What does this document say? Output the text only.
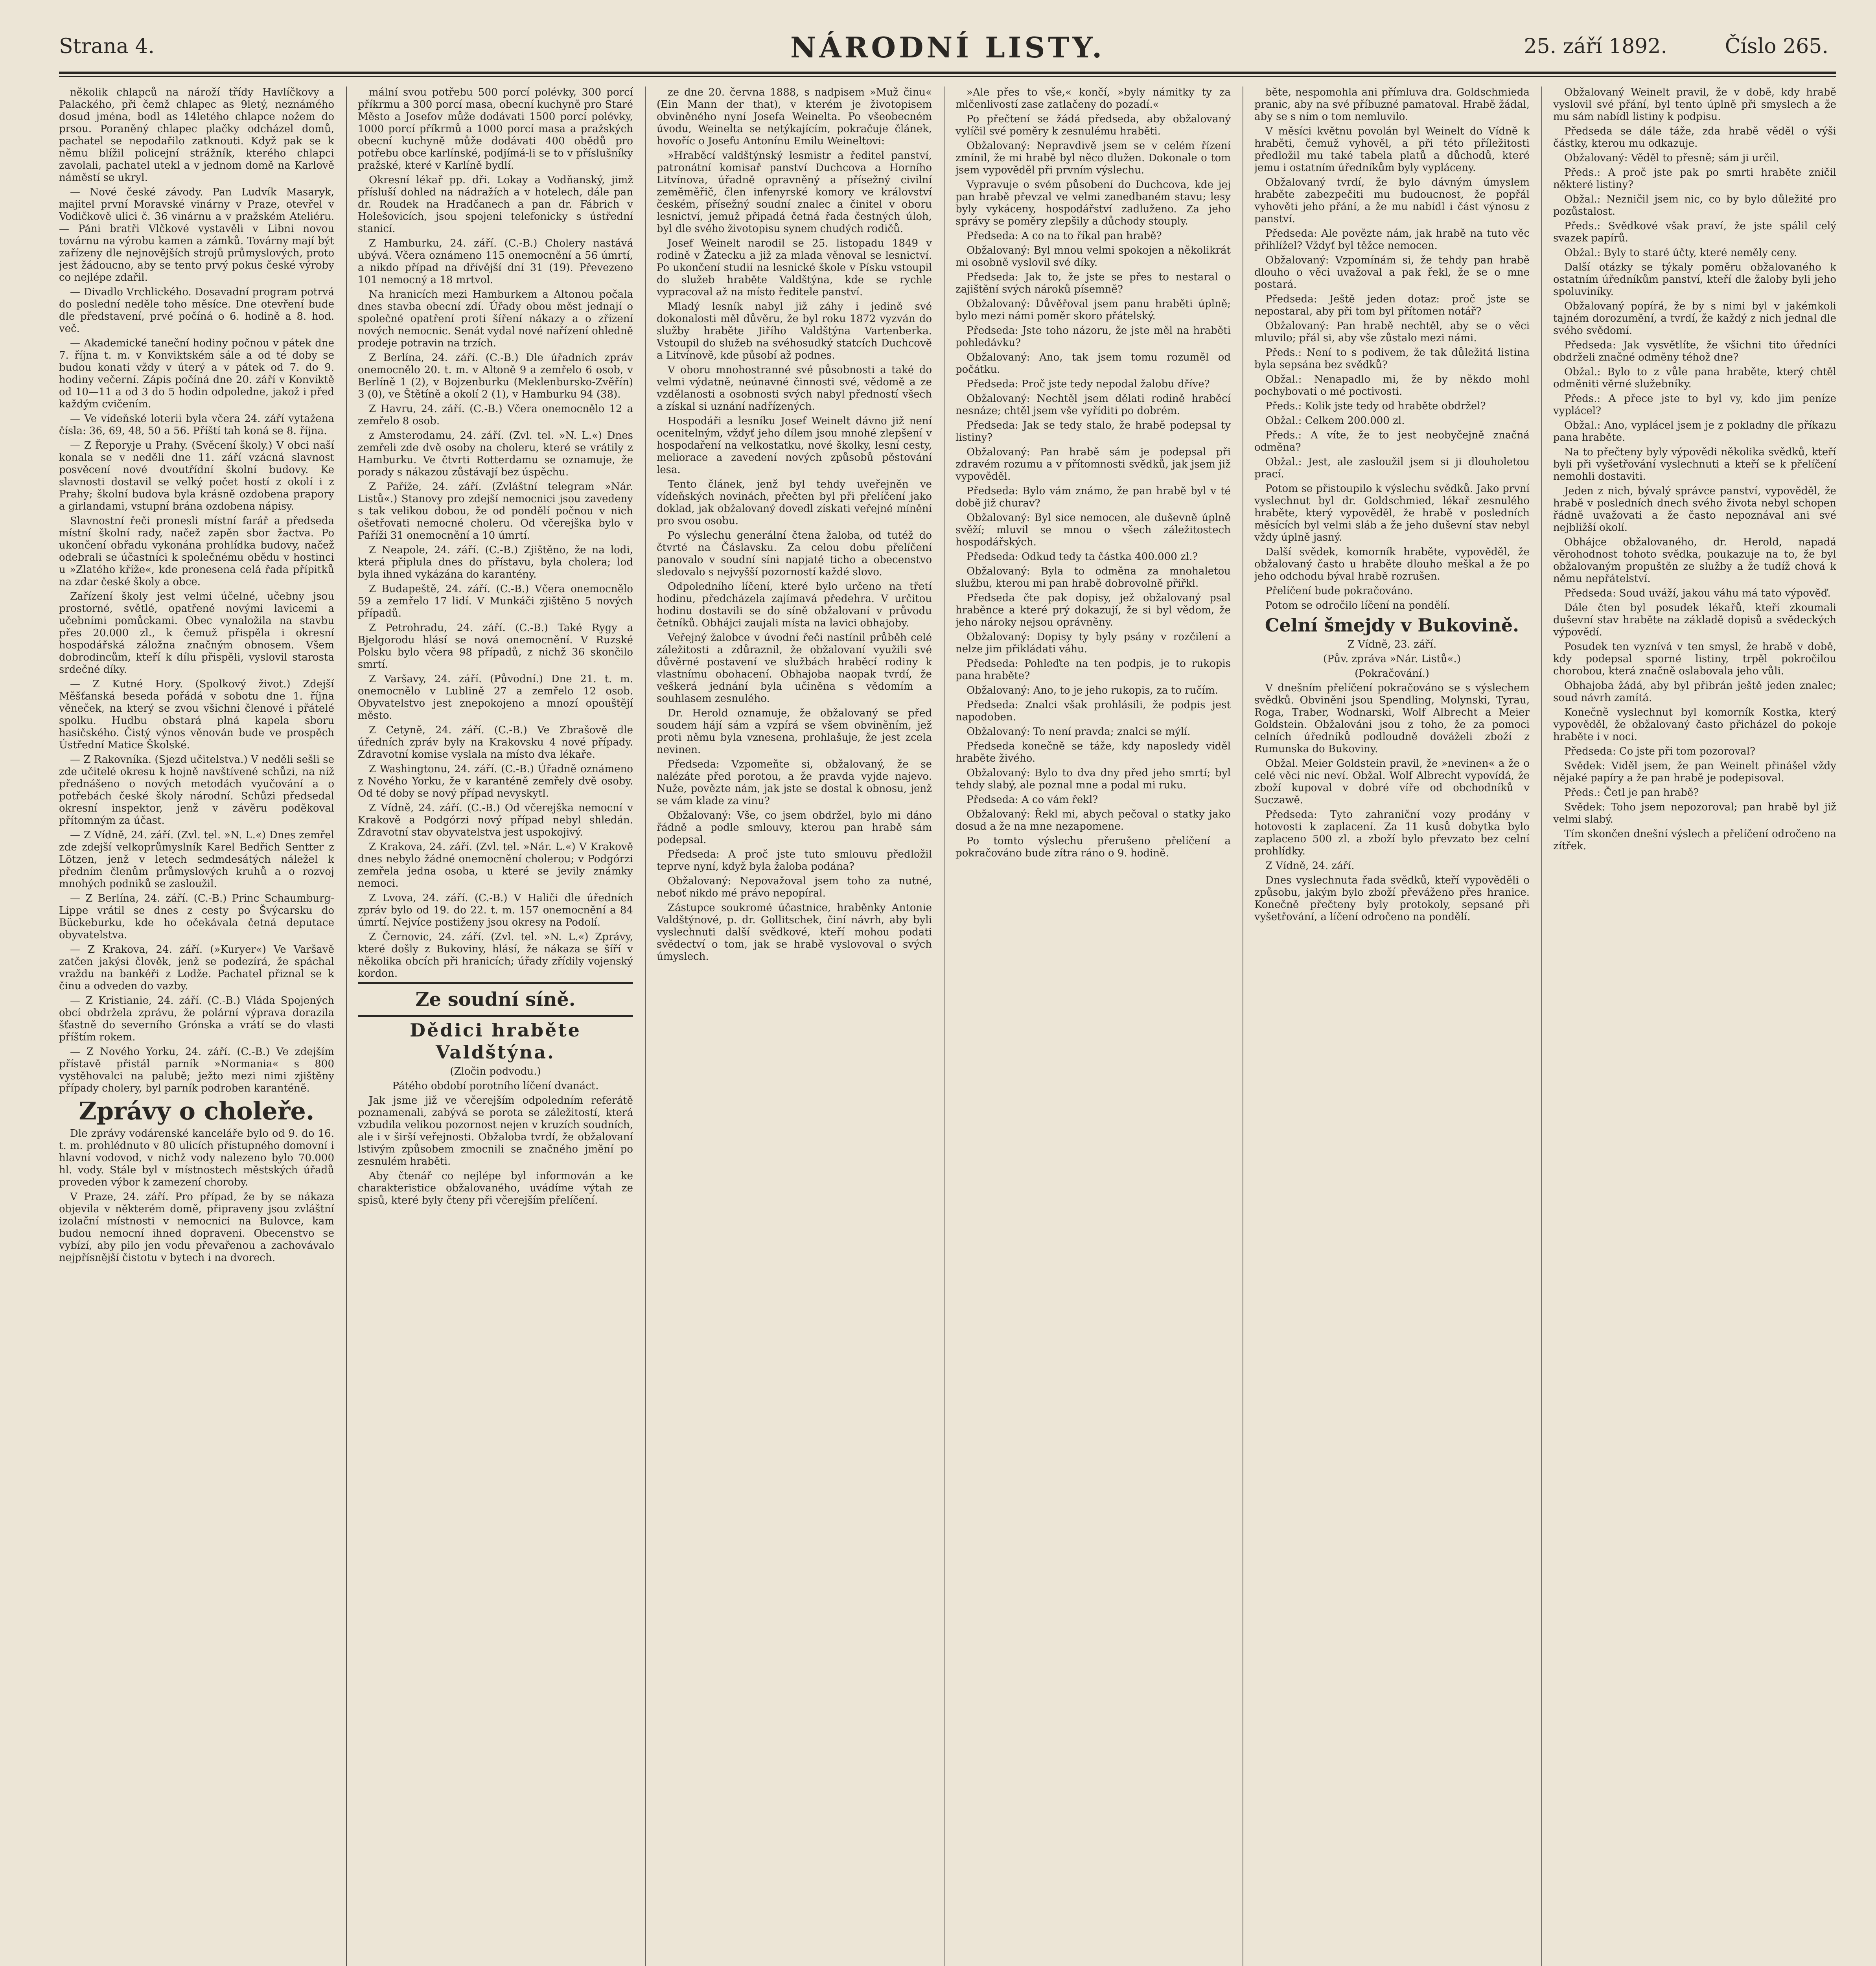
Strana 4.	NÁRODNÍ LISTY.	25. září 1892.	Číslo 265.

několik chlapců na nároží třídy Havlíčkovy a Palackého, při čemž chlapec as 9letý, neznámého dosud jména, bodl as 14letého chlapce nožem do prsou. Poraněný chlapec plačky odcházel domů, pachatel se nepodařilo zatknouti. Když pak se k němu blížil policejní strážník, kterého chlapci zavolali, pachatel utekl a v jednom domě na Karlově náměstí se ukryl.

— Nové české závody. Pan Ludvík Masaryk, majitel první Moravské vinárny v Praze, otevřel v Vodičkově ulici č. 36 vinárnu a v pražském Ateliéru. — Páni bratři Vlčkové vystavěli v Libni novou továrnu na výrobu kamen a zámků. Továrny mají být zařízeny dle nejnovějších strojů průmyslových, proto jest žádoucno, aby se tento prvý pokus české výroby co nejlépe zdařil.

— Divadlo Vrchlického. Dosavadní program potrvá do poslední neděle toho měsíce. Dne otevření bude dle představení, prvé počíná o 6. hodině a 8. hod. več.

— Akademické taneční hodiny počnou v pátek dne 7. října t. m. v Konviktském sále a od té doby se budou konati vždy v úterý a v pátek od 7. do 9. hodiny večerní. Zápis počíná dne 20. září v Konviktě od 10—11 a od 3 do 5 hodin odpoledne, jakož i před každým cvičením.

— Ve vídeňské loterii byla včera 24. září vytažena čísla: 36, 69, 48, 50 a 56. Příští tah koná se 8. října.

— Z Řeporyje u Prahy. (Svěcení školy.) V obci naší konala se v neděli dne 11. září vzácná slavnost posvěcení nové dvoutřídní školní budovy. Ke slavnosti dostavil se velký počet hostí z okolí i z Prahy; školní budova byla krásně ozdobena prapory a girlandami, vstupní brána ozdobena nápisy.

Slavnostní řeči pronesli místní farář a předseda místní školní rady, načež zapěn sbor žactva. Po ukončení obřadu vykonána prohlídka budovy, načež odebrali se účastníci k společnému obědu v hostinci u »Zlatého kříže«, kde pronesena celá řada přípitků na zdar české školy a obce.

Zařízení školy jest velmi účelné, učebny jsou prostorné, světlé, opatřené novými lavicemi a učebními pomůckami. Obec vynaložila na stavbu přes 20.000 zl., k čemuž přispěla i okresní hospodářská záložna značným obnosem. Všem dobrodincům, kteří k dílu přispěli, vyslovil starosta srdečné díky.

— Z Kutné Hory. (Spolkový život.) Zdejší Měšťanská beseda pořádá v sobotu dne 1. října věneček, na který se zvou všichni členové i přátelé spolku. Hudbu obstará plná kapela sboru hasičského. Čistý výnos věnován bude ve prospěch Ústřední Matice Školské.

— Z Rakovníka. (Sjezd učitelstva.) V neděli sešli se zde učitelé okresu k hojně navštívené schůzi, na níž přednášeno o nových metodách vyučování a o potřebách české školy národní. Schůzi předsedal okresní inspektor, jenž v závěru poděkoval přítomným za účast.

— Z Vídně, 24. září. (Zvl. tel. »N. L.«) Dnes zemřel zde zdejší velkoprůmyslník Karel Bedřich Sentter z Lötzen, jenž v letech sedmdesátých náležel k předním členům průmyslových kruhů a o rozvoj mnohých podniků se zasloužil.

— Z Berlína, 24. září. (C.-B.) Princ Schaumburg-Lippe vrátil se dnes z cesty po Švýcarsku do Bückeburku, kde ho očekávala četná deputace obyvatelstva.

— Z Krakova, 24. září. (»Kuryer«) Ve Varšavě zatčen jakýsi člověk, jenž se podezírá, že spáchal vraždu na bankéři z Lodže. Pachatel přiznal se k činu a odveden do vazby.

— Z Kristianie, 24. září. (C.-B.) Vláda Spojených obcí obdržela zprávu, že polární výprava dorazila šťastně do severního Grónska a vrátí se do vlasti příštím rokem.

— Z Nového Yorku, 24. září. (C.-B.) Ve zdejším přístavě přistál parník »Normania« s 800 vystěhovalci na palubě; ježto mezi nimi zjištěny případy cholery, byl parník podroben karanténě.

Zprávy o choleře.

Dle zprávy vodárenské kanceláře bylo od 9. do 16. t. m. prohlédnuto v 80 ulicích přístupného domovní i hlavní vodovod, v nichž vody nalezeno bylo 70.000 hl. vody. Stále byl v místnostech městských úřadů proveden výbor k zamezení choroby.

V Praze, 24. září. Pro případ, že by se nákaza objevila v některém domě, připraveny jsou zvláštní izolační místnosti v nemocnici na Bulovce, kam budou nemocní ihned dopraveni. Obecenstvo se vybízí, aby pilo jen vodu převařenou a zachovávalo nejpřísnější čistotu v bytech i na dvorech.

mální svou potřebu 500 porcí polévky, 300 porcí příkrmu a 300 porcí masa, obecní kuchyně pro Staré Město a Josefov může dodávati 1500 porcí polévky, 1000 porcí příkrmů a 1000 porcí masa a pražských obecní kuchyně může dodávati 400 obědů pro potřebu obce karlínské, podjímá-li se to v příslušníky pražské, které v Karlíně bydlí.

Okresní lékař pp. dři. Lokay a Vodňanský, jimž přísluší dohled na nádražích a v hotelech, dále pan dr. Roudek na Hradčanech a pan dr. Fábrich v Holešovicích, jsou spojeni telefonicky s ústřední stanicí.

Z Hamburku, 24. září. (C.-B.) Cholery nastává ubývá. Včera oznámeno 115 onemocnění a 56 úmrtí, a nikdo případ na dřívější dní 31 (19). Převezeno 101 nemocný a 18 mrtvol.

Na hranicích mezi Hamburkem a Altonou počala dnes stavba obecní zdí. Úřady obou měst jednají o společné opatření proti šíření nákazy a o zřízení nových nemocnic. Senát vydal nové nařízení ohledně prodeje potravin na trzích.

Z Berlína, 24. září. (C.-B.) Dle úřadních zpráv onemocnělo 20. t. m. v Altoně 9 a zemřelo 6 osob, v Berlíně 1 (2), v Bojzenburku (Meklenbursko-Zvěřín) 3 (0), ve Štětíně a okolí 2 (1), v Hamburku 94 (38).

Z Havru, 24. září. (C.-B.) Včera onemocnělo 12 a zemřelo 8 osob.

z Amsterodamu, 24. září. (Zvl. tel. »N. L.«) Dnes zemřeli zde dvě osoby na choleru, které se vrátily z Hamburku. Ve čtvrti Rotterdamu se oznamuje, že porady s nákazou zůstávají bez úspěchu.

Z Paříže, 24. září. (Zvláštní telegram »Nár. Listů«.) Stanovy pro zdejší nemocnici jsou zavedeny s tak velikou dobou, že od pondělí počnou v nich ošetřovati nemocné choleru. Od včerejška bylo v Paříži 31 onemocnění a 10 úmrtí.

Z Neapole, 24. září. (C.-B.) Zjištěno, že na lodi, která připlula dnes do přístavu, byla cholera; loď byla ihned vykázána do karantény.

Z Budapeště, 24. září. (C.-B.) Včera onemocnělo 59 a zemřelo 17 lidí. V Munkáči zjištěno 5 nových případů.

Z Petrohradu, 24. září. (C.-B.) Také Rygy a Bjelgorodu hlásí se nová onemocnění. V Ruzské Polsku bylo včera 98 případů, z nichž 36 skončilo smrtí.

Z Varšavy, 24. září. (Původní.) Dne 21. t. m. onemocnělo v Lublině 27 a zemřelo 12 osob. Obyvatelstvo jest znepokojeno a mnozí opouštějí město.

Z Cetyně, 24. září. (C.-B.) Ve Zbrašově dle úředních zpráv byly na Krakovsku 4 nové případy. Zdravotní komise vyslala na místo dva lékaře.

Z Washingtonu, 24. září. (C.-B.) Úřadně oznámeno z Nového Yorku, že v karanténě zemřely dvě osoby. Od té doby se nový případ nevyskytl.

Z Vídně, 24. září. (C.-B.) Od včerejška nemocní v Krakově a Podgórzi nový případ nebyl shledán. Zdravotní stav obyvatelstva jest uspokojivý.

Z Krakova, 24. září. (Zvl. tel. »Nár. L.«) V Krakově dnes nebylo žádné onemocnění cholerou; v Podgórzi zemřela jedna osoba, u které se jevily známky nemoci.

Z Lvova, 24. září. (C.-B.) V Haliči dle úředních zpráv bylo od 19. do 22. t. m. 157 onemocnění a 84 úmrtí. Nejvíce postiženy jsou okresy na Podolí.

Z Černovic, 24. září. (Zvl. tel. »N. L.«) Zprávy, které došly z Bukoviny, hlásí, že nákaza se šíří v několika obcích při hranicích; úřady zřídily vojenský kordon.

Ze soudní síně.

Dědici hraběte Valdštýna.

(Zločin podvodu.)

Pátého období porotního líčení dvanáct.

Jak jsme již ve včerejším odpoledním referátě poznamenali, zabývá se porota se záležitostí, která vzbudila velikou pozornost nejen v kruzích soudních, ale i v širší veřejnosti. Obžaloba tvrdí, že obžalovaní lstivým způsobem zmocnili se značného jmění po zesnulém hraběti.

Aby čtenář co nejlépe byl informován a ke charakteristice obžalovaného, uvádíme výtah ze spisů, které byly čteny při včerejším přelíčení.

ze dne 20. června 1888, s nadpisem »Muž činu« (Ein Mann der that), v kterém je životopisem obviněného nyní Josefa Weinelta. Po všeobecném úvodu, Weinelta se netýkajícím, pokračuje článek, hovoříc o Josefu Antonínu Emilu Weineltovi:

»Hraběcí valdštýnský lesmistr a ředitel panství, patronátní komisař panství Duchcova a Horního Litvínova, úřadně opravněný a přísežný civilní zeměměřič, člen infenyrské komory ve království českém, přísežný soudní znalec a činitel v oboru lesnictví, jemuž připadá četná řada čestných úloh, byl dle svého životopisu synem chudých rodičů.

Josef Weinelt narodil se 25. listopadu 1849 v rodině v Žatecku a již za mlada věnoval se lesnictví. Po ukončení studií na lesnické škole v Písku vstoupil do služeb hraběte Valdštýna, kde se rychle vypracoval až na místo ředitele panství.

Mladý lesník nabyl již záhy i jedině své dokonalosti měl důvěru, že byl roku 1872 vyzván do služby hraběte Jiřího Valdštýna Vartenberka. Vstoupil do služeb na svéhosudký statcích Duchcově a Litvínově, kde působí až podnes.

V oboru mnohostranné své působnosti a také do velmi výdatně, neúnavné činnosti své, vědomě a ze vzdělanosti a osobnosti svých nabyl předností všech a získal si uznání nadřízených.

Hospodáři a lesníku Josef Weinelt dávno již není ocenitelným, vždyť jeho dílem jsou mnohé zlepšení v hospodaření na velkostatku, nové školky, lesní cesty, meliorace a zavedení nových způsobů pěstování lesa.

Tento článek, jenž byl tehdy uveřejněn ve vídeňských novinách, přečten byl při přelíčení jako doklad, jak obžalovaný dovedl získati veřejné mínění pro svou osobu.

Po výslechu generální čtena žaloba, od tutéž do čtvrté na Čáslavsku. Za celou dobu přelíčení panovalo v soudní síni napjaté ticho a obecenstvo sledovalo s nejvyšší pozorností každé slovo.

Odpoledního líčení, které bylo určeno na třetí hodinu, předcházela zajímavá předehra. V určitou hodinu dostavili se do síně obžalovaní v průvodu četníků. Obhájci zaujali místa na lavici obhajoby.

Veřejný žalobce v úvodní řeči nastínil průběh celé záležitosti a zdůraznil, že obžalovaní využili své důvěrné postavení ve službách hraběcí rodiny k vlastnímu obohacení. Obhajoba naopak tvrdí, že veškerá jednání byla učiněna s vědomím a souhlasem zesnulého.

Dr. Herold oznamuje, že obžalovaný se před soudem hájí sám a vzpírá se všem obviněním, jež proti němu byla vznesena, prohlašuje, že jest zcela nevinen.

Předseda: Vzpomeňte si, obžalovaný, že se nalézáte před porotou, a že pravda vyjde najevo. Nuže, povězte nám, jak jste se dostal k obnosu, jenž se vám klade za vinu?

Obžalovaný: Vše, co jsem obdržel, bylo mi dáno řádně a podle smlouvy, kterou pan hrabě sám podepsal.

Předseda: A proč jste tuto smlouvu předložil teprve nyní, když byla žaloba podána?

Obžalovaný: Nepovažoval jsem toho za nutné, neboť nikdo mé právo nepopíral.

Zástupce soukromé účastnice, hraběnky Antonie Valdštýnové, p. dr. Gollitschek, činí návrh, aby byli vyslechnuti další svědkové, kteří mohou podati svědectví o tom, jak se hrabě vyslovoval o svých úmyslech.

»Ale přes to vše,« končí, »byly námitky ty za mlčenlivostí zase zatlačeny do pozadí.«

Po přečtení se žádá předseda, aby obžalovaný vylíčil své poměry k zesnulému hraběti.

Obžalovaný: Nepravdivě jsem se v celém řízení zmínil, že mi hrabě byl něco dlužen. Dokonale o tom jsem vypověděl při prvním výslechu.

Vypravuje o svém působení do Duchcova, kde jej pan hrabě převzal ve velmi zanedbaném stavu; lesy byly vykáceny, hospodářství zadluženo. Za jeho správy se poměry zlepšily a důchody stouply.

Předseda: A co na to říkal pan hrabě?

Obžalovaný: Byl mnou velmi spokojen a několikrát mi osobně vyslovil své díky.

Předseda: Jak to, že jste se přes to nestaral o zajištění svých nároků písemně?

Obžalovaný: Důvěřoval jsem panu hraběti úplně; bylo mezi námi poměr skoro přátelský.

Předseda: Jste toho názoru, že jste měl na hraběti pohledávku?

Obžalovaný: Ano, tak jsem tomu rozuměl od počátku.

Předseda: Proč jste tedy nepodal žalobu dříve?

Obžalovaný: Nechtěl jsem dělati rodině hraběcí nesnáze; chtěl jsem vše vyříditi po dobrém.

Předseda: Jak se tedy stalo, že hrabě podepsal ty listiny?

Obžalovaný: Pan hrabě sám je podepsal při zdravém rozumu a v přítomnosti svědků, jak jsem již vypověděl.

Předseda: Bylo vám známo, že pan hrabě byl v té době již churav?

Obžalovaný: Byl sice nemocen, ale duševně úplně svěží; mluvil se mnou o všech záležitostech hospodářských.

Předseda: Odkud tedy ta částka 400.000 zl.?

Obžalovaný: Byla to odměna za mnohaletou službu, kterou mi pan hrabě dobrovolně přiřkl.

Předseda čte pak dopisy, jež obžalovaný psal hraběnce a které prý dokazují, že si byl vědom, že jeho nároky nejsou oprávněny.

Obžalovaný: Dopisy ty byly psány v rozčilení a nelze jim přikládati váhu.

Předseda: Pohleďte na ten podpis, je to rukopis pana hraběte?

Obžalovaný: Ano, to je jeho rukopis, za to ručím.

Předseda: Znalci však prohlásili, že podpis jest napodoben.

Obžalovaný: To není pravda; znalci se mýlí.

Předseda konečně se táže, kdy naposledy viděl hraběte živého.

Obžalovaný: Bylo to dva dny před jeho smrtí; byl tehdy slabý, ale poznal mne a podal mi ruku.

Předseda: A co vám řekl?

Obžalovaný: Řekl mi, abych pečoval o statky jako dosud a že na mne nezapomene.

Po tomto výslechu přerušeno přelíčení a pokračováno bude zítra ráno o 9. hodině.

běte, nespomohla ani přímluva dra. Goldschmieda pranic, aby na své příbuzné pamatoval. Hrabě žádal, aby se s ním o tom nemluvilo.

V měsíci květnu povolán byl Weinelt do Vídně k hraběti, čemuž vyhověl, a při této příležitosti předložil mu také tabela platů a důchodů, které jemu i ostatním úředníkům byly vypláceny.

Obžalovaný tvrdí, že bylo dávným úmyslem hraběte zabezpečiti mu budoucnost, že popřál vyhověti jeho přání, a že mu nabídl i část výnosu z panství.

Předseda: Ale povězte nám, jak hrabě na tuto věc přihlížel? Vždyť byl těžce nemocen.

Obžalovaný: Vzpomínám si, že tehdy pan hrabě dlouho o věci uvažoval a pak řekl, že se o mne postará.

Předseda: Ještě jeden dotaz: proč jste se nepostaral, aby při tom byl přítomen notář?

Obžalovaný: Pan hrabě nechtěl, aby se o věci mluvilo; přál si, aby vše zůstalo mezi námi.

Předs.: Není to s podivem, že tak důležitá listina byla sepsána bez svědků?

Obžal.: Nenapadlo mi, že by někdo mohl pochybovati o mé poctivosti.

Předs.: Kolik jste tedy od hraběte obdržel?

Obžal.: Celkem 200.000 zl.

Předs.: A víte, že to jest neobyčejně značná odměna?

Obžal.: Jest, ale zasloužil jsem si ji dlouholetou prací.

Potom se přistoupilo k výslechu svědků. Jako první vyslechnut byl dr. Goldschmied, lékař zesnulého hraběte, který vypověděl, že hrabě v posledních měsících byl velmi sláb a že jeho duševní stav nebyl vždy úplně jasný.

Další svědek, komorník hraběte, vypověděl, že obžalovaný často u hraběte dlouho meškal a že po jeho odchodu býval hrabě rozrušen.

Přelíčení bude pokračováno.

Potom se odročilo líčení na pondělí.

Celní šmejdy v Bukovině.

Z Vídně, 23. září.

(Pův. zpráva »Nár. Listů«.)

(Pokračování.)

V dnešním přelíčení pokračováno se s výslechem svědků. Obviněni jsou Spendling, Molynski, Tyrau, Roga, Traber, Wodnarski, Wolf Albrecht a Meier Goldstein. Obžalováni jsou z toho, že za pomoci celních úředníků podloudně dováželi zboží z Rumunska do Bukoviny.

Obžal. Meier Goldstein pravil, že »nevinen« a že o celé věci nic neví. Obžal. Wolf Albrecht vypovídá, že zboží kupoval v dobré víře od obchodníků v Suczawě.

Předseda: Tyto zahraniční vozy prodány v hotovosti k zaplacení. Za 11 kusů dobytka bylo zaplaceno 500 zl. a zboží bylo převzato bez celní prohlídky.

Z Vídně, 24. září.

Dnes vyslechnuta řada svědků, kteří vypověděli o způsobu, jakým bylo zboží převáženo přes hranice. Konečně přečteny byly protokoly, sepsané při vyšetřování, a líčení odročeno na pondělí.

Obžalovaný Weinelt pravil, že v době, kdy hrabě vyslovil své přání, byl tento úplně při smyslech a že mu sám nabídl listiny k podpisu.

Předseda se dále táže, zda hrabě věděl o výši částky, kterou mu odkazuje.

Obžalovaný: Věděl to přesně; sám ji určil.

Předs.: A proč jste pak po smrti hraběte zničil některé listiny?

Obžal.: Nezničil jsem nic, co by bylo důležité pro pozůstalost.

Předs.: Svědkové však praví, že jste spálil celý svazek papírů.

Obžal.: Byly to staré účty, které neměly ceny.

Další otázky se týkaly poměru obžalovaného k ostatním úředníkům panství, kteří dle žaloby byli jeho spoluviníky.

Obžalovaný popírá, že by s nimi byl v jakémkoli tajném dorozumění, a tvrdí, že každý z nich jednal dle svého svědomí.

Předseda: Jak vysvětlíte, že všichni tito úředníci obdrželi značné odměny téhož dne?

Obžal.: Bylo to z vůle pana hraběte, který chtěl odměniti věrné služebníky.

Předs.: A přece jste to byl vy, kdo jim peníze vyplácel?

Obžal.: Ano, vyplácel jsem je z pokladny dle příkazu pana hraběte.

Na to přečteny byly výpovědi několika svědků, kteří byli při vyšetřování vyslechnuti a kteří se k přelíčení nemohli dostaviti.

Jeden z nich, bývalý správce panství, vypověděl, že hrabě v posledních dnech svého života nebyl schopen řádně uvažovati a že často nepoznával ani své nejbližší okolí.

Obhájce obžalovaného, dr. Herold, napadá věrohodnost tohoto svědka, poukazuje na to, že byl obžalovaným propuštěn ze služby a že tudíž chová k němu nepřátelství.

Předseda: Soud uváží, jakou váhu má tato výpověď.

Dále čten byl posudek lékařů, kteří zkoumali duševní stav hraběte na základě dopisů a svědeckých výpovědí.

Posudek ten vyznívá v ten smysl, že hrabě v době, kdy podepsal sporné listiny, trpěl pokročilou chorobou, která značně oslabovala jeho vůli.

Obhajoba žádá, aby byl přibrán ještě jeden znalec; soud návrh zamítá.

Konečně vyslechnut byl komorník Kostka, který vypověděl, že obžalovaný často přicházel do pokoje hraběte i v noci.

Předseda: Co jste při tom pozoroval?

Svědek: Viděl jsem, že pan Weinelt přinášel vždy nějaké papíry a že pan hrabě je podepisoval.

Předs.: Četl je pan hrabě?

Svědek: Toho jsem nepozoroval; pan hrabě byl již velmi slabý.

Tím skončen dnešní výslech a přelíčení odročeno na zítřek.
